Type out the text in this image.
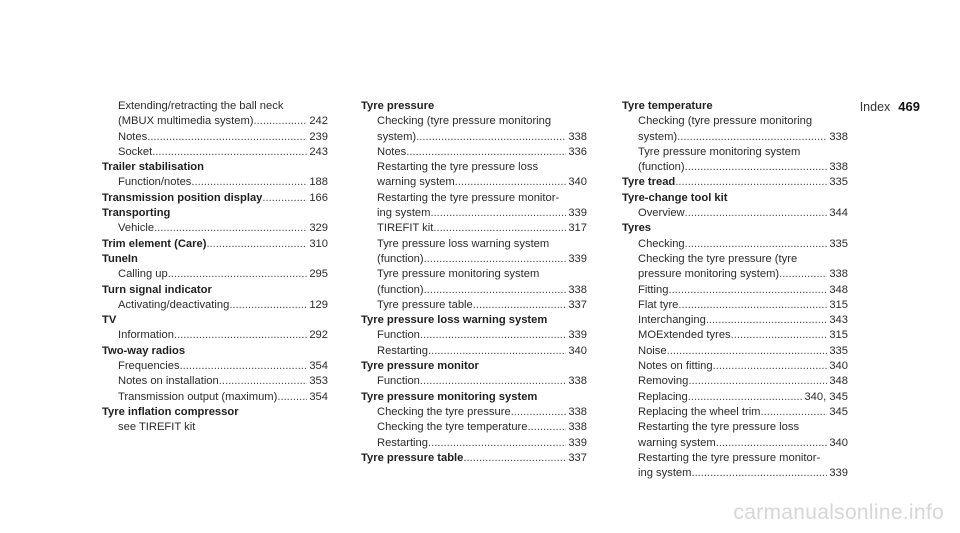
Index 469
Extending/retracting the ball neck
(MBUX multimedia system) .....	242
Notes .....	239
Socket .....	243
Trailer stabilisation
Function/notes .....	188
Transmission position display .....	166
Transporting
Vehicle .....	329
Trim element (Care) .....	310
TuneIn
Calling up .....	295
Turn signal indicator
Activating/deactivating .....	129
TV
Information .....	292
Two-way radios
Frequencies .....	354
Notes on installation .....	353
Transmission output (maximum) .....	354
Tyre inflation compressor
see TIREFIT kit
Tyre pressure
Checking (tyre pressure monitoring
system) .....	338
Notes .....	336
Restarting the tyre pressure loss
warning system .....	340
Restarting the tyre pressure monitor-
ing system .....	339
TIREFIT kit .....	317
Tyre pressure loss warning system
(function) .....	339
Tyre pressure monitoring system
(function) .....	338
Tyre pressure table .....	337
Tyre pressure loss warning system
Function .....	339
Restarting .....	340
Tyre pressure monitor
Function .....	338
Tyre pressure monitoring system
Checking the tyre pressure .....	338
Checking the tyre temperature .....	338
Restarting .....	339
Tyre pressure table .....	337
Tyre temperature
Checking (tyre pressure monitoring
system) .....	338
Tyre pressure monitoring system
(function) .....	338
Tyre tread .....	335
Tyre-change tool kit
Overview .....	344
Tyres
Checking .....	335
Checking the tyre pressure (tyre
pressure monitoring system) .....	338
Fitting .....	348
Flat tyre .....	315
Interchanging .....	343
MOExtended tyres .....	315
Noise .....	335
Notes on fitting .....	340
Removing .....	348
Replacing .....	340, 345
Replacing the wheel trim .....	345
Restarting the tyre pressure loss
warning system .....	340
Restarting the tyre pressure monitor-
ing system .....	339
carmanualsonline.info
